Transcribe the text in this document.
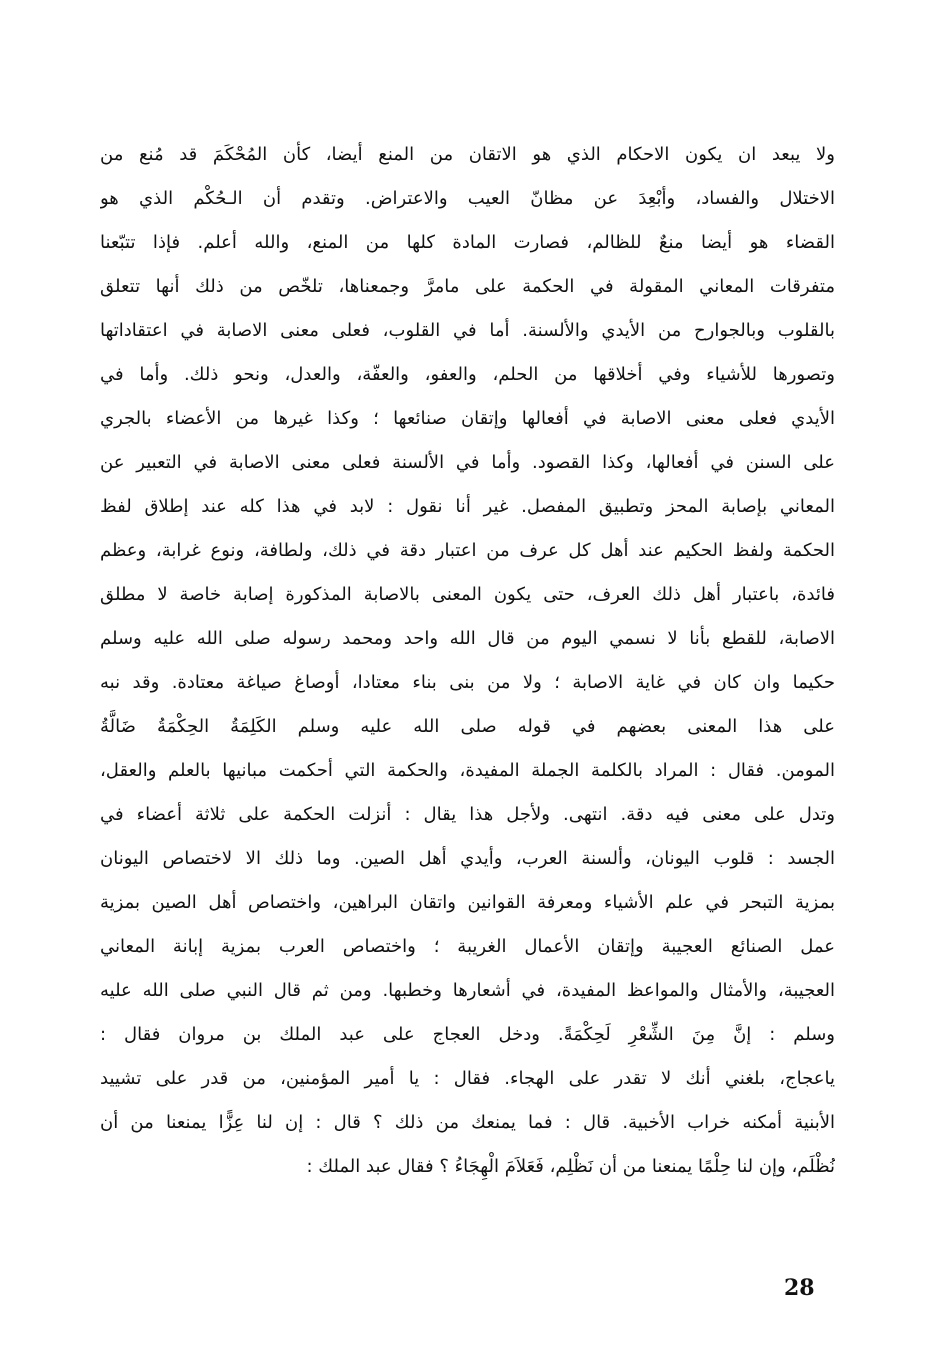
ولا يبعد ان يكون الاحكام الذي هو الاتقان من المنع أيضا، كأن المُحْكَمَ قد مُنع من
الاختلال والفساد، وأبْعِدَ عن مظانّ العيب والاعتراض. وتقدم أن الـحُكْم الذي هو
القضاء هو أيضا منعٌ للظالم، فصارت المادة كلها من المنع، والله أعلم. فإذا تتبّعنا
متفرقات المعاني المقولة في الحكمة على مامرَّ وجمعناها، تلخّص من ذلك أنها تتعلق
بالقلوب وبالجوارح من الأيدي والألسنة. أما في القلوب، فعلى معنى الاصابة في اعتقاداتها
وتصورها للأشياء وفي أخلاقها من الحلم، والعفو، والعفّة، والعدل، ونحو ذلك. وأما في
الأيدي فعلى معنى الاصابة في أفعالها وإتقان صنائعها ؛ وكذا غيرها من الأعضاء بالجري
على السنن في أفعالها، وكذا القصود. وأما في الألسنة فعلى معنى الاصابة في التعبير عن
المعاني بإصابة المحز وتطبيق المفصل. غير أنا نقول : لابد في هذا كله عند إطلاق لفظ
الحكمة ولفظ الحكيم عند أهل كل عرف من اعتبار دقة في ذلك، ولطافة، ونوع غرابة، وعظم
فائدة، باعتبار أهل ذلك العرف، حتى يكون المعنى بالاصابة المذكورة إصابة خاصة لا مطلق
الاصابة، للقطع بأنا لا نسمي اليوم من قال الله واحد ومحمد رسوله صلى الله عليه وسلم
حكيما وان كان في غاية الاصابة ؛ ولا من بنى بناء معتادا، أوصاغ صياغة معتادة. وقد نبه
على هذا المعنى بعضهم في قوله صلى الله عليه وسلم الكَلِمَةُ الحِكْمَةُ ضَالَّةُ
المومن. فقال : المراد بالكلمة الجملة المفيدة، والحكمة التي أحكمت مبانيها بالعلم والعقل،
وتدل على معنى فيه دقة. انتهى. ولأجل هذا يقال : أنزلت الحكمة على ثلاثة أعضاء في
الجسد : قلوب اليونان، وألسنة العرب، وأيدي أهل الصين. وما ذلك الا لاختصاص اليونان
بمزية التبحر في علم الأشياء ومعرفة القوانين واتقان البراهين، واختصاص أهل الصين بمزية
عمل الصنائع العجيبة وإتقان الأعمال الغريبة ؛ واختصاص العرب بمزية إبانة المعاني
العجيبة، والأمثال والمواعظ المفيدة، في أشعارها وخطبها. ومن ثم قال النبي صلى الله عليه
وسلم : إنَّ مِنَ الشِّعْرِ لَحِكْمَةً. ودخل العجاج على عبد الملك بن مروان فقال :
ياعجاج، بلغني أنك لا تقدر على الهجاء. فقال : يا أمير المؤمنين، من قدر على تشييد
الأبنية أمكنه خراب الأخبية. قال : فما يمنعك من ذلك ؟ قال : إن لنا عِزًّا يمنعنا من أن
نُظْلَم، وإن لنا حِلْمًا يمنعنا من أن نَظْلِم، فَعَلاَمَ الْهِجَاءُ ؟ فقال عبد الملك :
28
